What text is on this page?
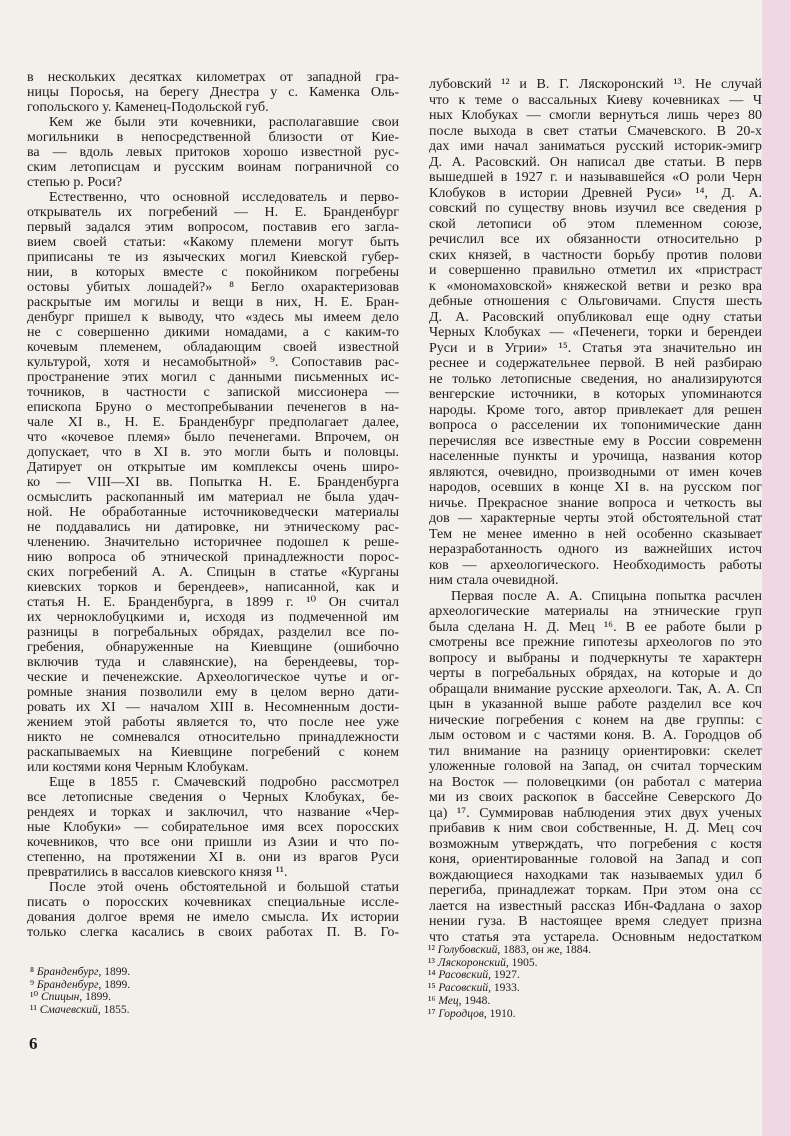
в нескольких десятках километрах от западной гра-
ницы Поросья, на берегу Днестра у с. Каменка Оль-
гопольского у. Каменец-Подольской губ.
Кем же были эти кочевники, располагавшие свои
могильники в непосредственной близости от Кие-
ва — вдоль левых притоков хорошо известной рус-
ским летописцам и русским воинам пограничной со
степью р. Роси?
Естественно, что основной исследователь и перво-
открыватель их погребений — Н. Е. Бранденбург
первый задался этим вопросом, поставив его загла-
вием своей статьи: «Какому племени могут быть
приписаны те из языческих могил Киевской губер-
нии, в которых вместе с покойником погребены
остовы убитых лошадей?» ⁸ Бегло охарактеризовав
раскрытые им могилы и вещи в них, Н. Е. Бран-
денбург пришел к выводу, что «здесь мы имеем дело
не с совершенно дикими номадами, а с каким-то
кочевым племенем, обладающим своей известной
культурой, хотя и несамобытной» ⁹. Сопоставив рас-
пространение этих могил с данными письменных ис-
точников, в частности с запиской миссионера —
епископа Бруно о местопребывании печенегов в на-
чале XI в., Н. Е. Бранденбург предполагает далее,
что «кочевое племя» было печенегами. Впрочем, он
допускает, что в XI в. это могли быть и половцы.
Датирует он открытые им комплексы очень широ-
ко — VIII—XI вв. Попытка Н. Е. Бранденбурга
осмыслить раскопанный им материал не была удач-
ной. Не обработанные источниковедчески материалы
не поддавались ни датировке, ни этническому рас-
членению. Значительно историчнее подошел к реше-
нию вопроса об этнической принадлежности порос-
ских погребений А. А. Спицын в статье «Курганы
киевских торков и берендеев», написанной, как и
статья Н. Е. Бранденбурга, в 1899 г. ¹⁰ Он считал
их черноклобуцкими и, исходя из подмеченной им
разницы в погребальных обрядах, разделил все по-
гребения, обнаруженные на Киевщине (ошибочно
включив туда и славянские), на берендеевы, тор-
ческие и печенежские. Археологическое чутье и ог-
ромные знания позволили ему в целом верно дати-
ровать их XI — началом XIII в. Несомненным дости-
жением этой работы является то, что после нее уже
никто не сомневался относительно принадлежности
раскапываемых на Киевщине погребений с конем
или костями коня Черным Клобукам.
Еще в 1855 г. Смачевский подробно рассмотрел
все летописные сведения о Черных Клобуках, бе-
рендеях и торках и заключил, что название «Чер-
ные Клобуки» — собирательное имя всех поросских
кочевников, что все они пришли из Азии и что по-
степенно, на протяжении XI в. они из врагов Руси
превратились в вассалов киевского князя ¹¹.
После этой очень обстоятельной и большой статьи
писать о поросских кочевниках специальные иссле-
дования долгое время не имело смысла. Их истории
только слегка касались в своих работах П. В. Го-
лубовский ¹² и В. Г. Ляскоронский ¹³. Не случай
что к теме о вассальных Киеву кочевниках — Ч
ных Клобуках — смогли вернуться лишь через 80
после выхода в свет статьи Смачевского. В 20-х
дах ими начал заниматься русский историк-эмигр
Д. А. Расовский. Он написал две статьи. В перв
вышедшей в 1927 г. и называвшейся «О роли Черн
Клобуков в истории Древней Руси» ¹⁴, Д. А.
совский по существу вновь изучил все сведения р
ской летописи об этом племенном союзе,
речислил все их обязанности относительно р
ских князей, в частности борьбу против полови
и совершенно правильно отметил их «пристраст
к «мономаховской» княжеской ветви и резко вра
дебные отношения с Ольговичами. Спустя шесть
Д. А. Расовский опубликовал еще одну статьи
Черных Клобуках — «Печенеги, торки и берендеи
Руси и в Угрии» ¹⁵. Статья эта значительно ин
реснее и содержательнее первой. В ней разбираю
не только летописные сведения, но анализируются
венгерские источники, в которых упоминаются
народы. Кроме того, автор привлекает для решен
вопроса о расселении их топонимические данн
перечисляя все известные ему в России современн
населенные пункты и урочища, названия котор
являются, очевидно, производными от имен кочев
народов, осевших в конце XI в. на русском пог
ничье. Прекрасное знание вопроса и четкость вы
дов — характерные черты этой обстоятельной стат
Тем не менее именно в ней особенно сказывает
неразработанность одного из важнейших источ
ков — археологического. Необходимость работы
ним стала очевидной.
Первая после А. А. Спицына попытка расчлен
археологические материалы на этнические груп
была сделана Н. Д. Мец ¹⁶. В ее работе были р
смотрены все прежние гипотезы археологов по это
вопросу и выбраны и подчеркнуты те характерн
черты в погребальных обрядах, на которые и до
обращали внимание русские археологи. Так, А. А. Сп
цын в указанной выше работе разделил все коч
нические погребения с конем на две группы: с
лым остовом и с частями коня. В. А. Городцов об
тил внимание на разницу ориентировки: скелет
уложенные головой на Запад, он считал торческим
на Восток — половецкими (он работал с материа
ми из своих раскопок в бассейне Северского До
ца) ¹⁷. Суммировав наблюдения этих двух ученых
прибавив к ним свои собственные, Н. Д. Мец соч
возможным утверждать, что погребения с костя
коня, ориентированные головой на Запад и соп
вождающиеся находками так называемых удил б
перегиба, принадлежат торкам. При этом она сс
лается на известный рассказ Ибн-Фадлана о захор
нении гуза. В настоящее время следует призна
что статья эта устарела. Основным недостатком
⁸ Бранденбург, 1899.
⁹ Бранденбург, 1899.
¹⁰ Спицын, 1899.
¹¹ Смачевский, 1855.
¹² Голубовский, 1883, он же, 1884.
¹³ Ляскоронский, 1905.
¹⁴ Расовский, 1927.
¹⁵ Расовский, 1933.
¹⁶ Мец, 1948.
¹⁷ Городцов, 1910.
6
